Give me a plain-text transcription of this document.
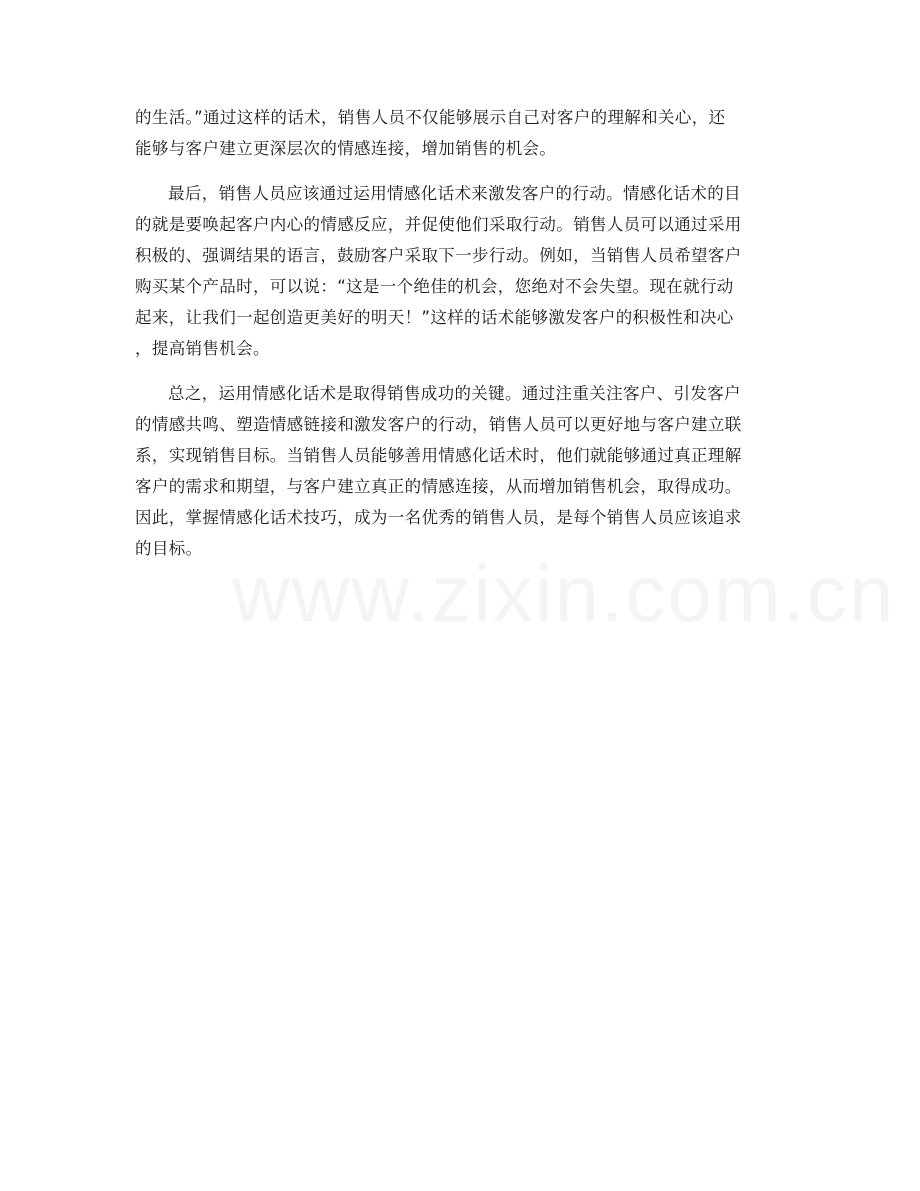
的生活。”通过这样的话术，销售人员不仅能够展示自己对客户的理解和关心，还
能够与客户建立更深层次的情感连接，增加销售的机会。
最后，销售人员应该通过运用情感化话术来激发客户的行动。情感化话术的目
的就是要唤起客户内心的情感反应，并促使他们采取行动。销售人员可以通过采用
积极的、强调结果的语言，鼓励客户采取下一步行动。例如，当销售人员希望客户
购买某个产品时，可以说：“这是一个绝佳的机会，您绝对不会失望。现在就行动
起来，让我们一起创造更美好的明天！”这样的话术能够激发客户的积极性和决心
，提高销售机会。
总之，运用情感化话术是取得销售成功的关键。通过注重关注客户、引发客户
的情感共鸣、塑造情感链接和激发客户的行动，销售人员可以更好地与客户建立联
系，实现销售目标。当销售人员能够善用情感化话术时，他们就能够通过真正理解
客户的需求和期望，与客户建立真正的情感连接，从而增加销售机会，取得成功。
因此，掌握情感化话术技巧，成为一名优秀的销售人员，是每个销售人员应该追求
的目标。
